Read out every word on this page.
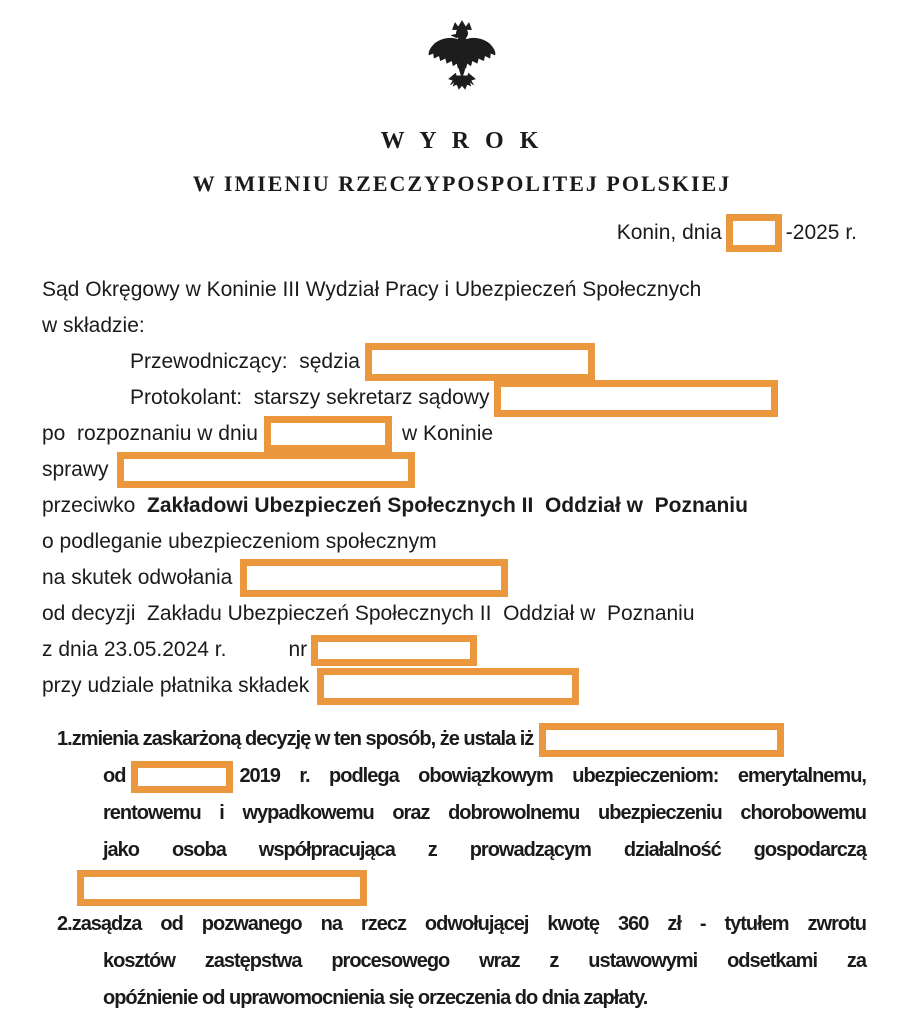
W Y R O K
W IMIENIU RZECZYPOSPOLITEJ POLSKIEJ
Konin, dnia	-2025 r.
Sąd Okręgowy w Koninie III Wydział Pracy i Ubezpieczeń Społecznych
w składzie:
Przewodniczący:  sędzia
Protokolant:  starszy sekretarz sądowy
po  rozpoznaniu w dniu	w Koninie
sprawy
przeciwko  Zakładowi Ubezpieczeń Społecznych II  Oddział w  Poznaniu
o podleganie ubezpieczeniom społecznym
na skutek odwołania
od decyzji  Zakładu Ubezpieczeń Społecznych II  Oddział w  Poznaniu
z dnia 23.05.2024 r.	nr
przy udziale płatnika składek
1.zmienia zaskarżoną decyzję w ten sposób, że ustala iż
od	2019 r. podlega obowiązkowym ubezpieczeniom: emerytalnemu,
rentowemu i wypadkowemu oraz dobrowolnemu ubezpieczeniu chorobowemu
jako osoba współpracująca z prowadzącym działalność gospodarczą
2.zasądza od pozwanego na rzecz odwołującej kwotę 360 zł - tytułem zwrotu
kosztów zastępstwa procesowego wraz z ustawowymi odsetkami za
opóźnienie od uprawomocnienia się orzeczenia do dnia zapłaty.
